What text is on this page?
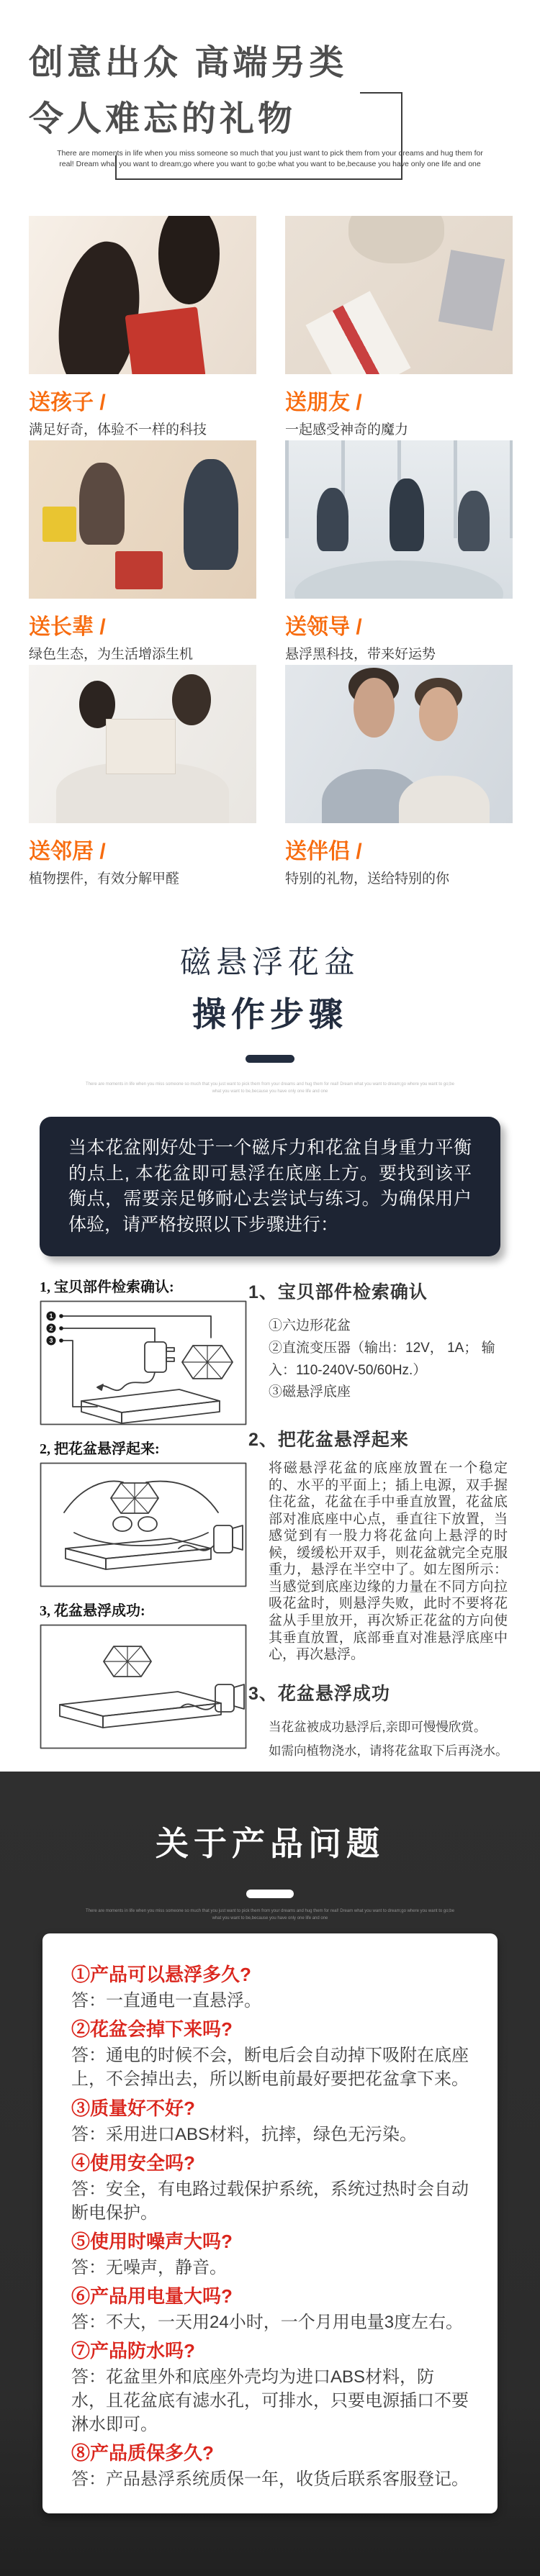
创意出众 高端另类
令人难忘的礼物

There are moments in life when you miss someone so much that you just want to pick them from your dreams and hug them for real! Dream what you want to dream;go where you want to go;be what you want to be,because you have only one life and one

送孩子 /

满足好奇，体验不一样的科技

送朋友 /

一起感受神奇的魔力

送长辈 /

绿色生态，为生活增添生机

送领导 /

悬浮黑科技，带来好运势

送邻居 /

植物摆件，有效分解甲醛

送伴侣 /

特别的礼物，送给特别的你

磁悬浮花盆
操作步骤

There are moments in life when you miss someone so much that you just want to pick them from your dreams and hug them for real! Dream what you want to dream;go where you want to go;be what you want to be,because you have only one life and one

当本花盆刚好处于一个磁斥力和花盆自身重力平衡的点上, 本花盆即可悬浮在底座上方。要找到该平衡点，需要亲足够耐心去尝试与练习。为确保用户体验，请严格按照以下步骤进行：

1, 宝贝部件检索确认:

1
2
3

2, 把花盆悬浮起来:

3, 花盆悬浮成功:

1、宝贝部件检索确认

①六边形花盆

②直流变压器（输出：12V， 1A； 输入：110-240V-50/60Hz.）

③磁悬浮底座

2、把花盆悬浮起来

将磁悬浮花盆的底座放置在一个稳定的、水平的平面上；插上电源，双手握住花盆，花盆在手中垂直放置，花盆底部对准底座中心点，垂直往下放置，当感觉到有一股力将花盆向上悬浮的时候，缓缓松开双手，则花盆就完全克服重力，悬浮在半空中了。如左图所示：当感觉到底座边缘的力量在不同方向拉吸花盆时，则悬浮失败，此时不要将花盆从手里放开，再次矫正花盆的方向使其垂直放置，底部垂直对准悬浮底座中心，再次悬浮。

3、花盆悬浮成功

当花盆被成功悬浮后,亲即可慢慢欣赏。

如需向植物浇水，请将花盆取下后再浇水。

关于产品问题

There are moments in life when you miss someone so much that you just want to pick them from your dreams and hug them for real! Dream what you want to dream;go where you want to go;be what you want to be,because you have only one life and one

①产品可以悬浮多久?

答：一直通电一直悬浮。

②花盆会掉下来吗?

答：通电的时候不会，断电后会自动掉下吸附在底座上，不会掉出去，所以断电前最好要把花盆拿下来。

③质量好不好?

答：采用进口ABS材料，抗摔，绿色无污染。

④使用安全吗?

答：安全，有电路过载保护系统，系统过热时会自动断电保护。

⑤使用时噪声大吗?

答：无噪声，静音。

⑥产品用电量大吗?

答：不大，一天用24小时，一个月用电量3度左右。

⑦产品防水吗?

答：花盆里外和底座外壳均为进口ABS材料，防水，且花盆底有滤水孔，可排水，只要电源插口不要淋水即可。

⑧产品质保多久?

答：产品悬浮系统质保一年，收货后联系客服登记。
